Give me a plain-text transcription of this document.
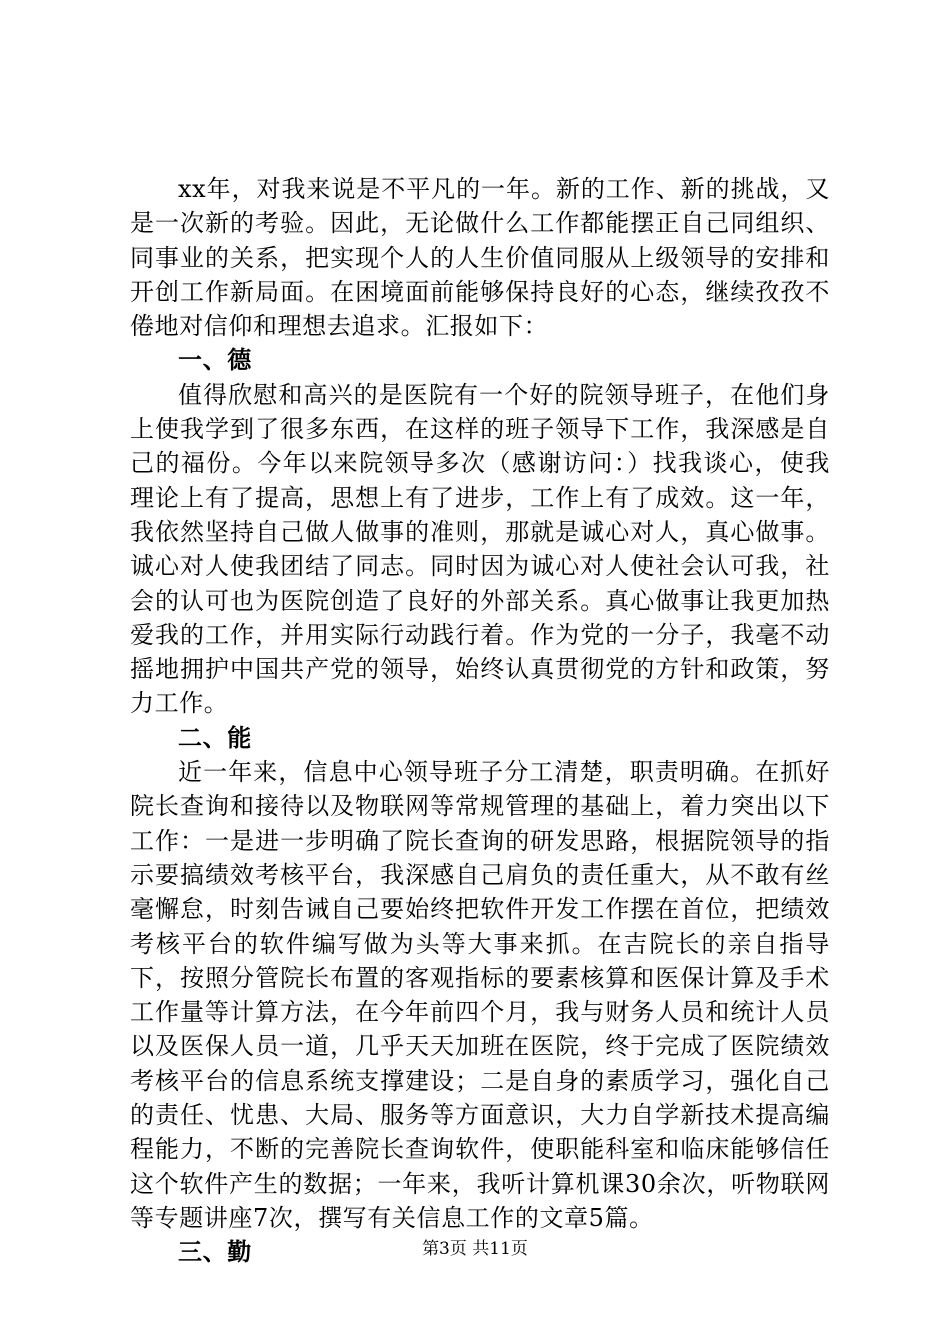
xx年，对我来说是不平凡的一年。新的工作、新的挑战，又是一次新的考验。因此，无论做什么工作都能摆正自己同组织、同事业的关系，把实现个人的人生价值同服从上级领导的安排和开创工作新局面。在困境面前能够保持良好的心态，继续孜孜不倦地对信仰和理想去追求。汇报如下：

一、德

值得欣慰和高兴的是医院有一个好的院领导班子，在他们身上使我学到了很多东西，在这样的班子领导下工作，我深感是自己的福份。今年以来院领导多次（感谢访问：）找我谈心，使我理论上有了提高，思想上有了进步，工作上有了成效。这一年，我依然坚持自己做人做事的准则，那就是诚心对人，真心做事。诚心对人使我团结了同志。同时因为诚心对人使社会认可我，社会的认可也为医院创造了良好的外部关系。真心做事让我更加热爱我的工作，并用实际行动践行着。作为党的一分子，我毫不动摇地拥护中国共产党的领导，始终认真贯彻党的方针和政策，努力工作。

二、能

近一年来，信息中心领导班子分工清楚，职责明确。在抓好院长查询和接待以及物联网等常规管理的基础上，着力突出以下工作：一是进一步明确了院长查询的研发思路，根据院领导的指示要搞绩效考核平台，我深感自己肩负的责任重大，从不敢有丝毫懈怠，时刻告诫自己要始终把软件开发工作摆在首位，把绩效考核平台的软件编写做为头等大事来抓。在吉院长的亲自指导下，按照分管院长布置的客观指标的要素核算和医保计算及手术工作量等计算方法，在今年前四个月，我与财务人员和统计人员以及医保人员一道，几乎天天加班在医院，终于完成了医院绩效考核平台的信息系统支撑建设；二是自身的素质学习，强化自己的责任、忧患、大局、服务等方面意识，大力自学新技术提高编程能力，不断的完善院长查询软件，使职能科室和临床能够信任这个软件产生的数据；一年来，我听计算机课30余次，听物联网等专题讲座7次，撰写有关信息工作的文章5篇。

三、勤	第3页 共11页
